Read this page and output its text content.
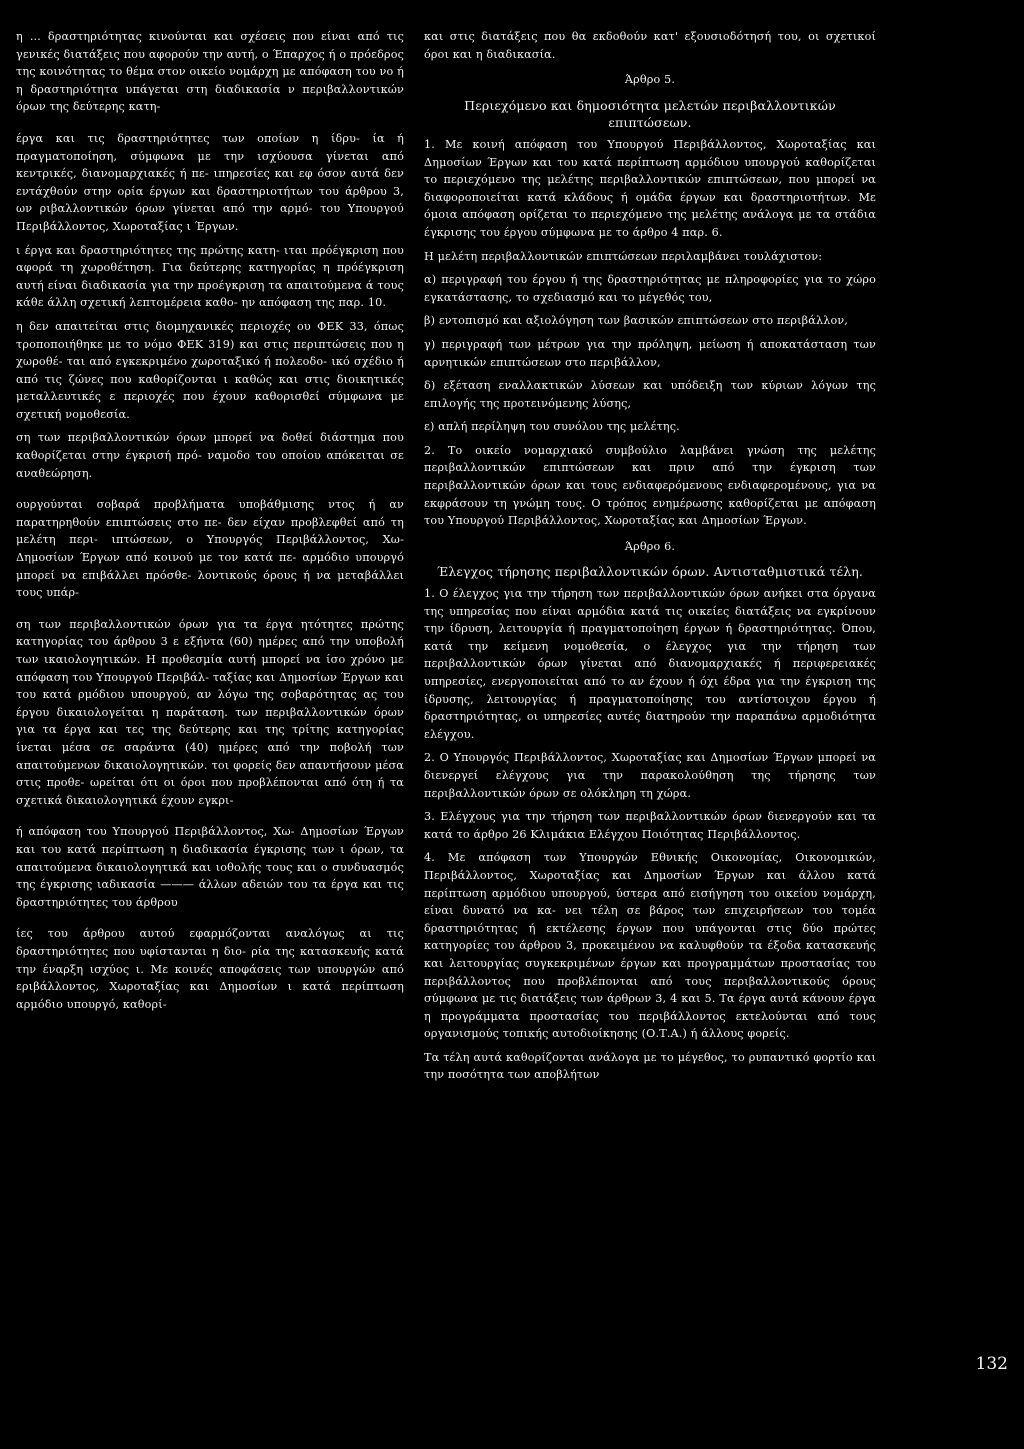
η ... δραστηριότητας κινούνται και σχέσεις που είναι από τις γενικές διατάξεις που αφορούν την αυτή, ο Έπαρχος ή ο πρόεδρος της κοινότητας το θέμα στον οικείο νομάρχη με απόφαση του νο ή η δραστηριότητα υπάγεται στη διαδικασία ν περιβαλλοντικών όρων της δεύτερης κατη-

έργα και τις δραστηριότητες των οποίων η ίδρυ- ία ή πραγματοποίηση, σύμφωνα με την ισχύουσα γίνεται από κεντρικές, διανομαρχιακές ή πε- ιπηρεσίες και εφ όσον αυτά δεν εντάχθούν στην ορία έργων και δραστηριοτήτων του άρθρου 3, ων ριβαλλοντικών όρων γίνεται από την αρμό- του Υπουργού Περιβάλλοντος, Χωροταξίας ι Έργων.

ι έργα και δραστηριότητες της πρώτης κατη- ιται πρόέγκριση που αφορά τη χωροθέτηση. Για δεύτερης κατηγορίας η πρόέγκριση αυτή είναι διαδικασία για την προέγκριση τα απαιτούμενα ά τους κάθε άλλη σχετική λεπτομέρεια καθο- ην απόφαση της παρ. 10.

η δεν απαιτείται στις διομηχανικές περιοχές ου ΦΕΚ 33, όπως τροποποιήθηκε με το νόμο ΦΕΚ 319) και στις περιπτώσεις που η χωροθέ- ται από εγκεκριμένο χωροταξικό ή πολεοδο- ικό σχέδιο ή από τις ζώνες που καθορίζονται ι καθώς και στις διοικητικές μεταλλευτικές ε περιοχές που έχουν καθορισθεί σύμφωνα με σχετική νομοθεσία.

ση των περιβαλλοντικών όρων μπορεί να δοθεί διάστημα που καθορίζεται στην έγκρισή πρό- ναμοδο του οποίου απόκειται σε αναθεώρηση.

ουργούνται σοβαρά προβλήματα υποβάθμισης ντος ή αν παρατηρηθούν επιπτώσεις στο πε- δεν είχαν προβλεφθεί από τη μελέτη περι- ιπτώσεων, ο Υπουργός Περιβάλλοντος, Χω- Δημοσίων Έργων από κοινού με τον κατά πε- αρμόδιο υπουργό μπορεί να επιβάλλει πρόσθε- λοντικούς όρους ή να μεταβάλλει τους υπάρ-

ση των περιβαλλοντικών όρων για τα έργα ητότητες πρώτης κατηγορίας του άρθρου 3 ε εξήντα (60) ημέρες από την υποβολή των ικαιολογητικών. Η προθεσμία αυτή μπορεί να ίσο χρόνο με απόφαση του Υπουργού Περιβάλ- ταξίας και Δημοσίων Έργων και του κατά ρμόδιου υπουργού, αν λόγω της σοβαρότητας ας του έργου δικαιολογείται η παράταση. των περιβαλλοντικών όρων για τα έργα και τες της δεύτερης και της τρίτης κατηγορίας ίνεται μέσα σε σαράντα (40) ημέρες από την ποβολή των απαιτούμενων δικαιολογητικών. τοι φορείς δεν απαντήσουν μέσα στις προθε- ωρείται ότι οι όροι που προβλέπονται από ότη ή τα σχετικά δικαιολογητικά έχουν εγκρι-

ή απόφαση του Υπουργού Περιβάλλοντος, Χω- Δημοσίων Έργων και του κατά περίπτωση η διαδικασία έγκρισης των ι όρων, τα απαιτούμενα δικαιολογητικά και ιοθολής τους και ο συνδυασμός της έγκρισης ιαδικασία ——— άλλων αδειών του τα έργα και τις δραστηριότητες του άρθρου

ίες του άρθρου αυτού εφαρμόζονται αναλόγως αι τις δραστηριότητες που υφίστανται η διο- ρία της κατασκευής κατά την έναρξη ισχύος ι. Με κοινές αποφάσεις των υπουργών από εριβάλλοντος, Χωροταξίας και Δημοσίων ι κατά περίπτωση αρμόδιο υπουργό, καθορί-

και στις διατάξεις που θα εκδοθούν κατ' εξουσιοδότησή του, οι σχετικοί όροι και η διαδικασία.

Άρθρο 5.
Περιεχόμενο και δημοσιότητα μελετών περιβαλλοντικών επιπτώσεων.

1. Με κοινή απόφαση του Υπουργού Περιβάλλοντος, Χωροταξίας και Δημοσίων Έργων και του κατά περίπτωση αρμόδιου υπουργού καθορίζεται το περιεχόμενο της μελέτης περιβαλλοντικών επιπτώσεων, που μπορεί να διαφοροποιείται κατά κλάδους ή ομάδα έργων και δραστηριοτήτων. Με όμοια απόφαση ορίζεται το περιεχόμενο της μελέτης ανάλογα με τα στάδια έγκρισης του έργου σύμφωνα με το άρθρο 4 παρ. 6.

Η μελέτη περιβαλλοντικών επιπτώσεων περιλαμβάνει τουλάχιστον:

α) περιγραφή του έργου ή της δραστηριότητας με πληροφορίες για το χώρο εγκατάστασης, το σχεδιασμό και το μέγεθός του,

β) εντοπισμό και αξιολόγηση των βασικών επιπτώσεων στο περιβάλλον,

γ) περιγραφή των μέτρων για την πρόληψη, μείωση ή αποκατάσταση των αρνητικών επιπτώσεων στο περιβάλλον,

δ) εξέταση εναλλακτικών λύσεων και υπόδειξη των κύριων λόγων της επιλογής της προτεινόμενης λύσης,

ε) απλή περίληψη του συνόλου της μελέτης.

2. Το οικείο νομαρχιακό συμβούλιο λαμβάνει γνώση της μελέτης περιβαλλοντικών επιπτώσεων και πριν από την έγκριση των περιβαλλοντικών όρων και τους ενδιαφερόμενους ενδιαφερομένους, για να εκφράσουν τη γνώμη τους. Ο τρόπος ενημέρωσης καθορίζεται με απόφαση του Υπουργού Περιβάλλοντος, Χωροταξίας και Δημοσίων Έργων.

Άρθρο 6.
Έλεγχος τήρησης περιβαλλοντικών όρων. Αντισταθμιστικά τέλη.

1. Ο έλεγχος για την τήρηση των περιβαλλοντικών όρων ανήκει στα όργανα της υπηρεσίας που είναι αρμόδια κατά τις οικείες διατάξεις να εγκρίνουν την ίδρυση, λειτουργία ή πραγματοποίηση έργων ή δραστηριότητας. Όπου, κατά την κείμενη νομοθεσία, ο έλεγχος για την τήρηση των περιβαλλοντικών όρων γίνεται από διανομαρχιακές ή περιφερειακές υπηρεσίες, ενεργοποιείται από το αν έχουν ή όχι έδρα για την έγκριση της ίδρυσης, λειτουργίας ή πραγματοποίησης του αντίστοιχου έργου ή δραστηριότητας, οι υπηρεσίες αυτές διατηρούν την παραπάνω αρμοδιότητα ελέγχου.

2. Ο Υπουργός Περιβάλλοντος, Χωροταξίας και Δημοσίων Έργων μπορεί να διενεργεί ελέγχους για την παρακολούθηση της τήρησης των περιβαλλοντικών όρων σε ολόκληρη τη χώρα.

3. Ελέγχους για την τήρηση των περιβαλλοντικών όρων διενεργούν και τα κατά το άρθρο 26 Κλιμάκια Ελέγχου Ποιότητας Περιβάλλοντος.

4. Με απόφαση των Υπουργών Εθνικής Οικονομίας, Οικονομικών, Περιβάλλοντος, Χωροταξίας και Δημοσίων Έργων και άλλου κατά περίπτωση αρμόδιου υπουργού, ύστερα από εισήγηση του οικείου νομάρχη, είναι δυνατό να κα- νει τέλη σε βάρος των επιχειρήσεων του τομέα δραστηριότητας ή εκτέλεσης έργων που υπάγονται στις δύο πρώτες κατηγορίες του άρθρου 3, προκειμένου να καλυφθούν τα έξοδα κατασκευής και λειτουργίας συγκεκριμένων έργων και προγραμμάτων προστασίας του περιβάλλοντος που προβλέπονται από τους περιβαλλοντικούς όρους σύμφωνα με τις διατάξεις των άρθρων 3, 4 και 5. Τα έργα αυτά κάνουν έργα η προγράμματα προστασίας του περιβάλλοντος εκτελούνται από τους οργανισμούς τοπικής αυτοδιοίκησης (Ο.Τ.Α.) ή άλλους φορείς.

Τα τέλη αυτά καθορίζονται ανάλογα με το μέγεθος, το ρυπαντικό φορτίο και την ποσότητα των αποβλήτων

132
